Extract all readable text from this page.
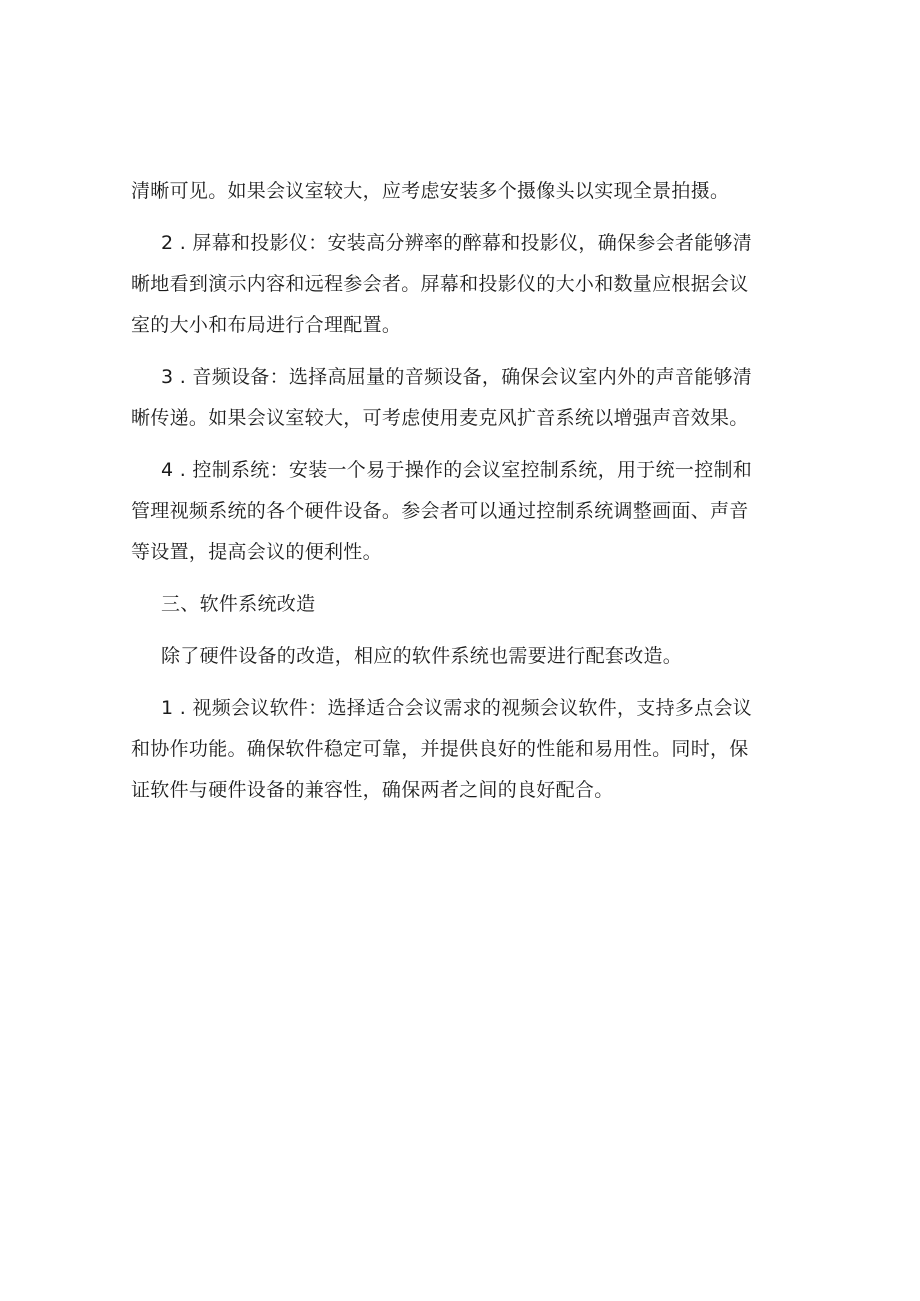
清晰可见。如果会议室较大，应考虑安装多个摄像头以实现全景拍摄。

2 . 屏幕和投影仪：安装高分辨率的醉幕和投影仪，确保参会者能够清
晰地看到演示内容和远程参会者。屏幕和投影仪的大小和数量应根据会议
室的大小和布局进行合理配置。

3 . 音频设备：选择高屈量的音频设备，确保会议室内外的声音能够清
晰传递。如果会议室较大，可考虑使用麦克风扩音系统以增强声音效果。

4 . 控制系统：安装一个易于操作的会议室控制系统，用于统一控制和
管理视频系统的各个硬件设备。参会者可以通过控制系统调整画面、声音
等设置，提高会议的便利性。

三、软件系统改造

除了硬件设备的改造，相应的软件系统也需要进行配套改造。

1 . 视频会议软件：选择适合会议需求的视频会议软件，支持多点会议
和协作功能。确保软件稳定可靠，并提供良好的性能和易用性。同时，保
证软件与硬件设备的兼容性，确保两者之间的良好配合。
